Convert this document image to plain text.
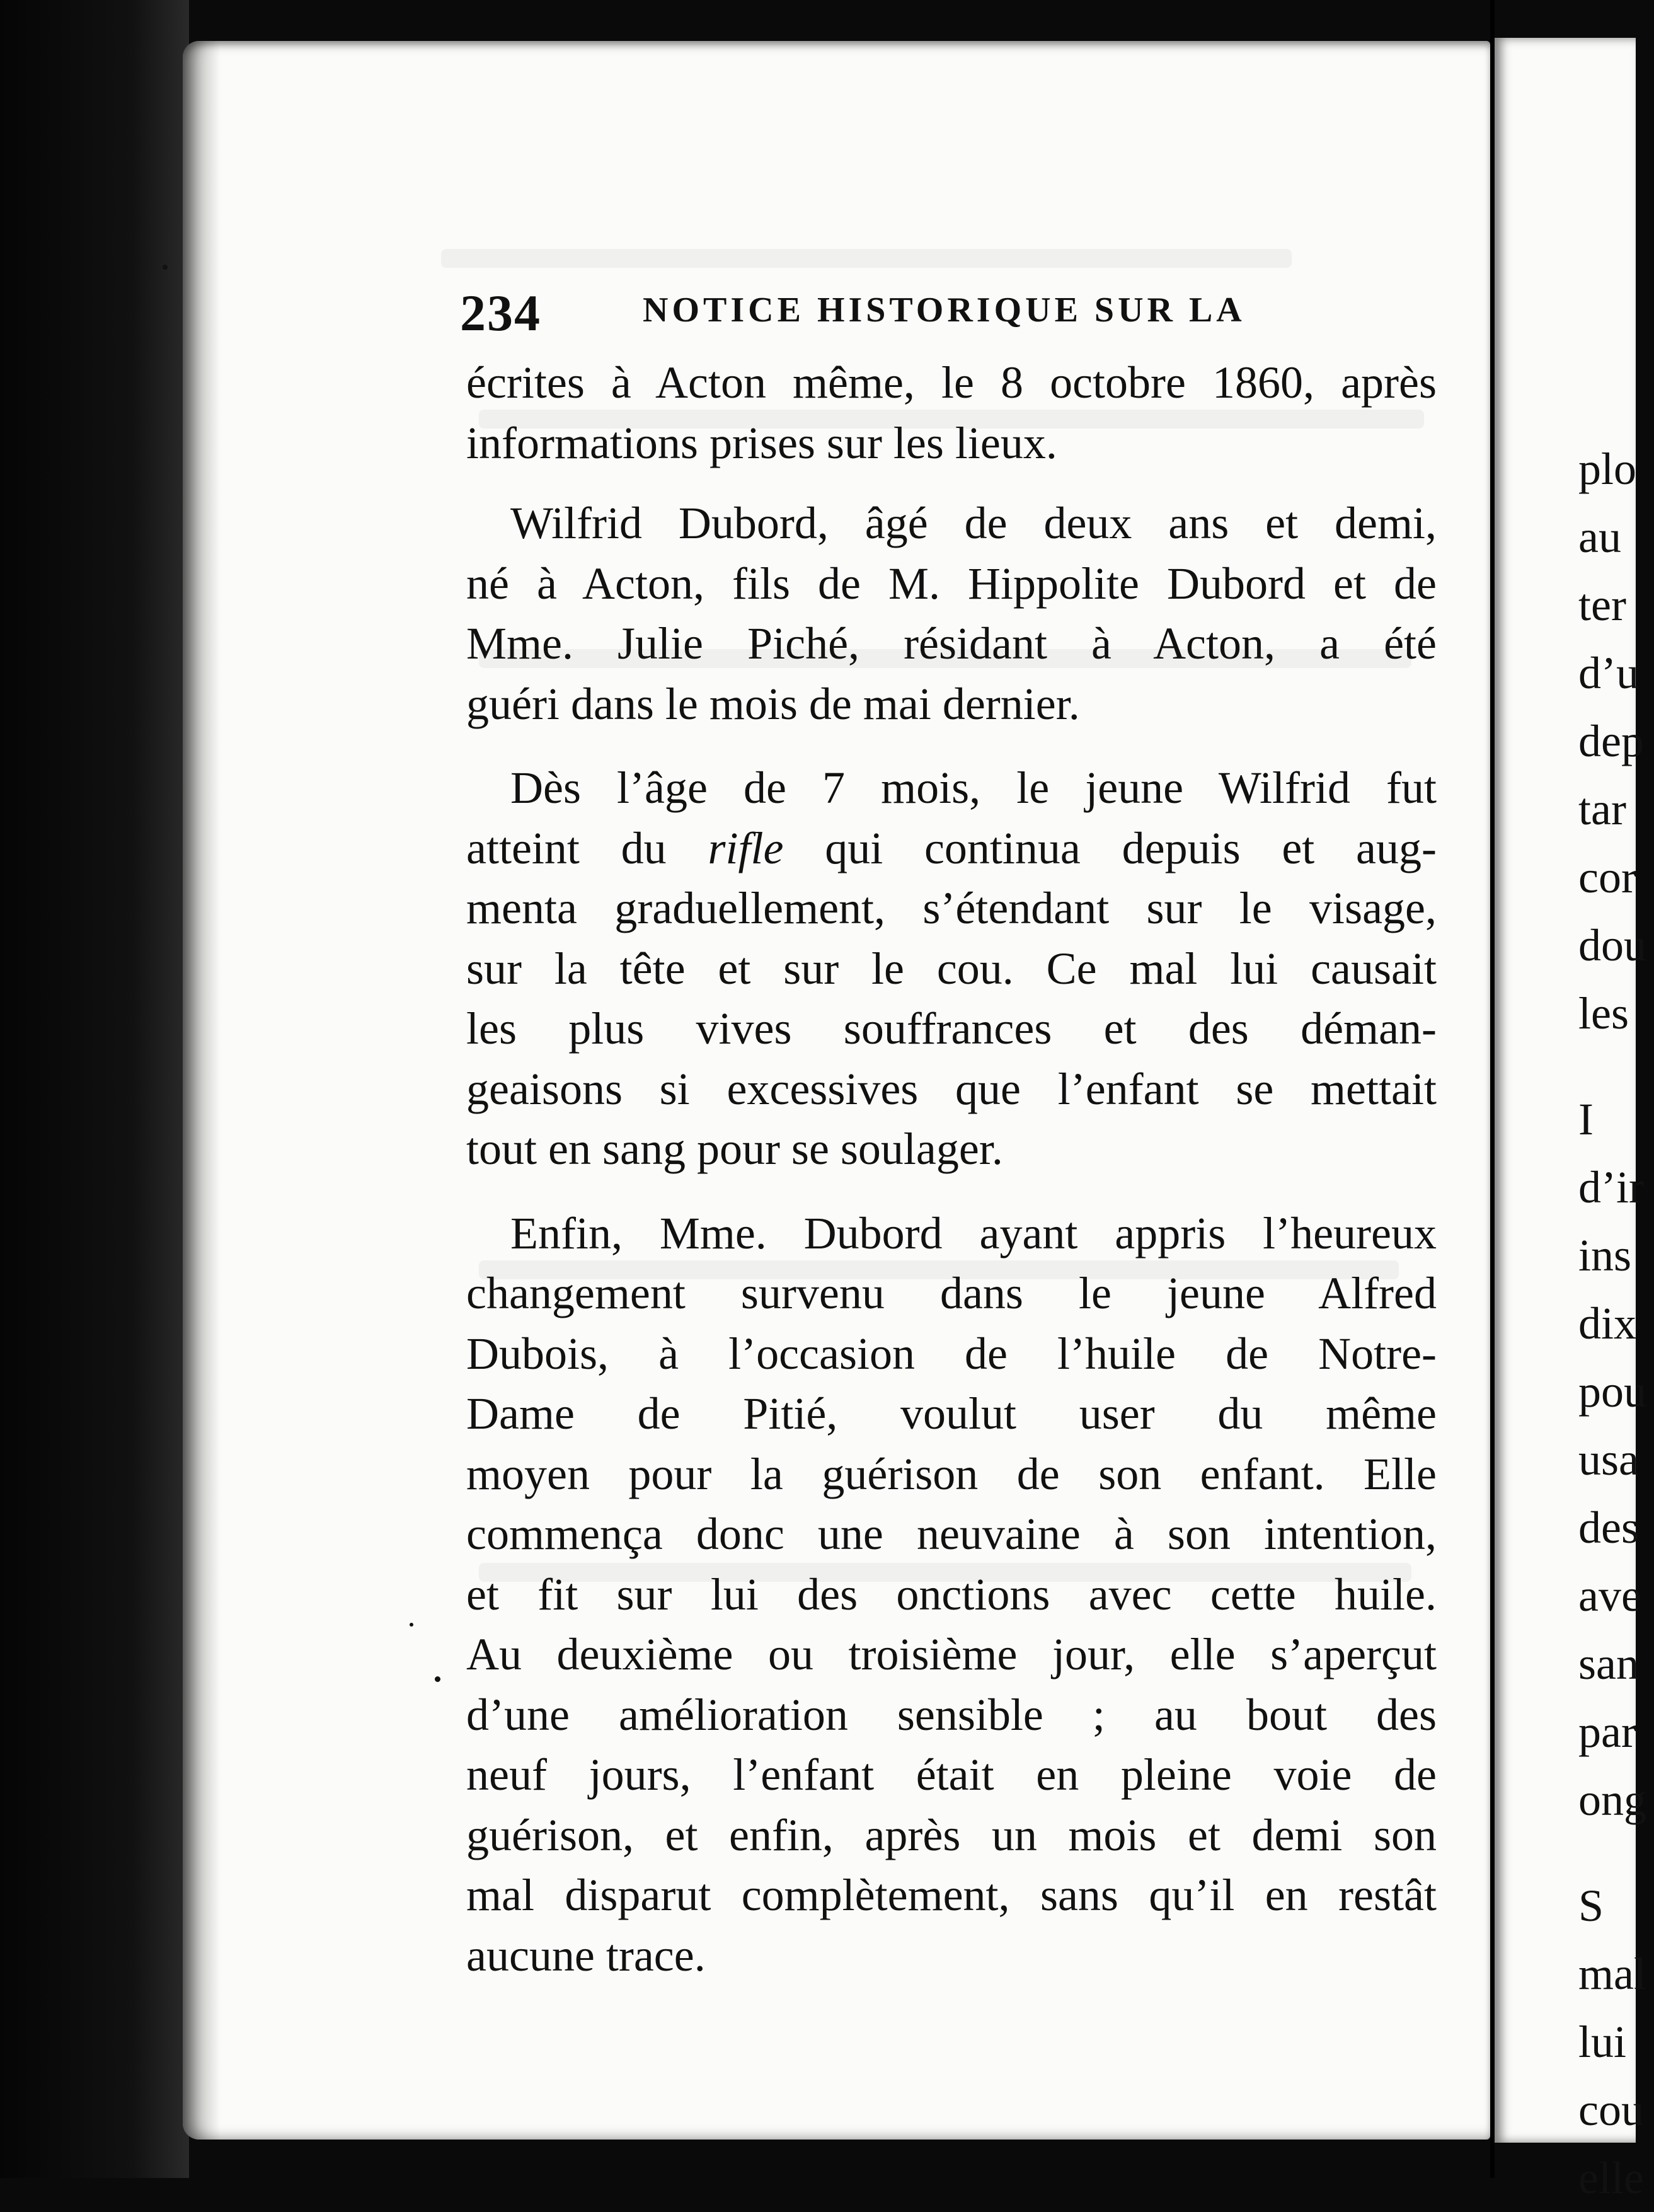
234	NOTICE HISTORIQUE SUR LA
écrites à Acton même, le 8 octobre 1860, après
informations prises sur les lieux.
Wilfrid Dubord, âgé de deux ans et demi,
né à Acton, fils de M. Hippolite Dubord et de
Mme. Julie Piché, résidant à Acton, a été
guéri dans le mois de mai dernier.
Dès l’âge de 7 mois, le jeune Wilfrid fut
atteint du rifle qui continua depuis et aug-
menta graduellement, s’étendant sur le visage,
sur la tête et sur le cou. Ce mal lui causait
les plus vives souffrances et des déman-
geaisons si excessives que l’enfant se mettait
tout en sang pour se soulager.
Enfin, Mme. Dubord ayant appris l’heureux
changement survenu dans le jeune Alfred
Dubois, à l’occasion de l’huile de Notre-
Dame de Pitié, voulut user du même
moyen pour la guérison de son enfant. Elle
commença donc une neuvaine à son intention,
et fit sur lui des onctions avec cette huile.
Au deuxième ou troisième jour, elle s’aperçut
d’une amélioration sensible ; au bout des
neuf jours, l’enfant était en pleine voie de
guérison, et enfin, après un mois et demi son
mal disparut complètement, sans qu’il en restât
aucune trace.
plo
au
ter
d’u
dep
tar
cor
dou
les
I
d’ir
ins
dix
pou
usa
des
ave
san
par
ong
S
mal
lui
cou
elle
